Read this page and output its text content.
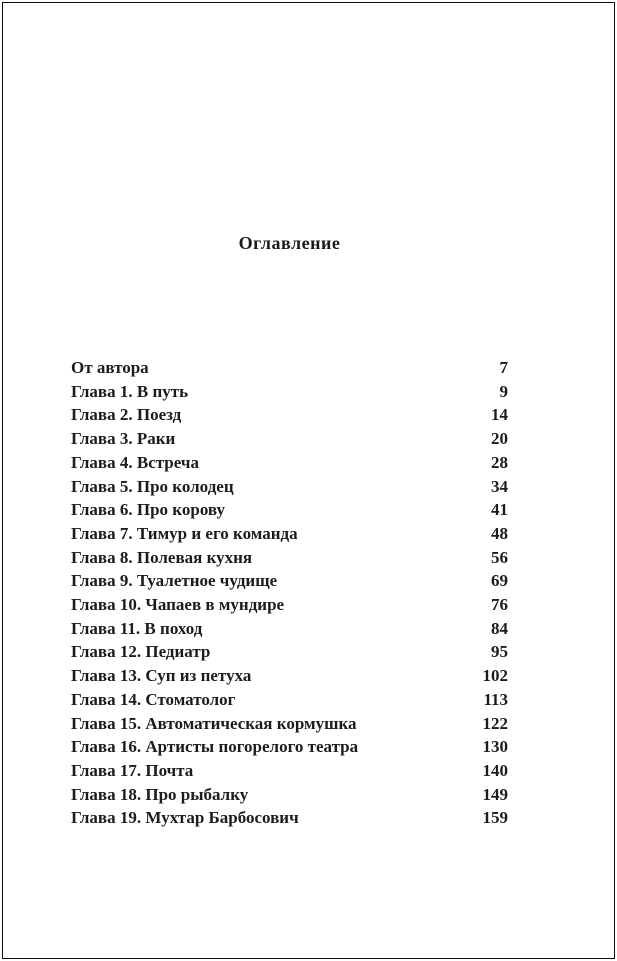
Оглавление
От автора	7
Глава 1. В путь	9
Глава 2. Поезд	14
Глава 3. Раки	20
Глава 4. Встреча	28
Глава 5. Про колодец	34
Глава 6. Про корову	41
Глава 7. Тимур и его команда	48
Глава 8. Полевая кухня	56
Глава 9. Туалетное чудище	69
Глава 10. Чапаев в мундире	76
Глава 11. В поход	84
Глава 12. Педиатр	95
Глава 13. Суп из петуха	102
Глава 14. Стоматолог	113
Глава 15. Автоматическая кормушка	122
Глава 16. Артисты погорелого театра	130
Глава 17. Почта	140
Глава 18. Про рыбалку	149
Глава 19. Мухтар Барбосович	159
